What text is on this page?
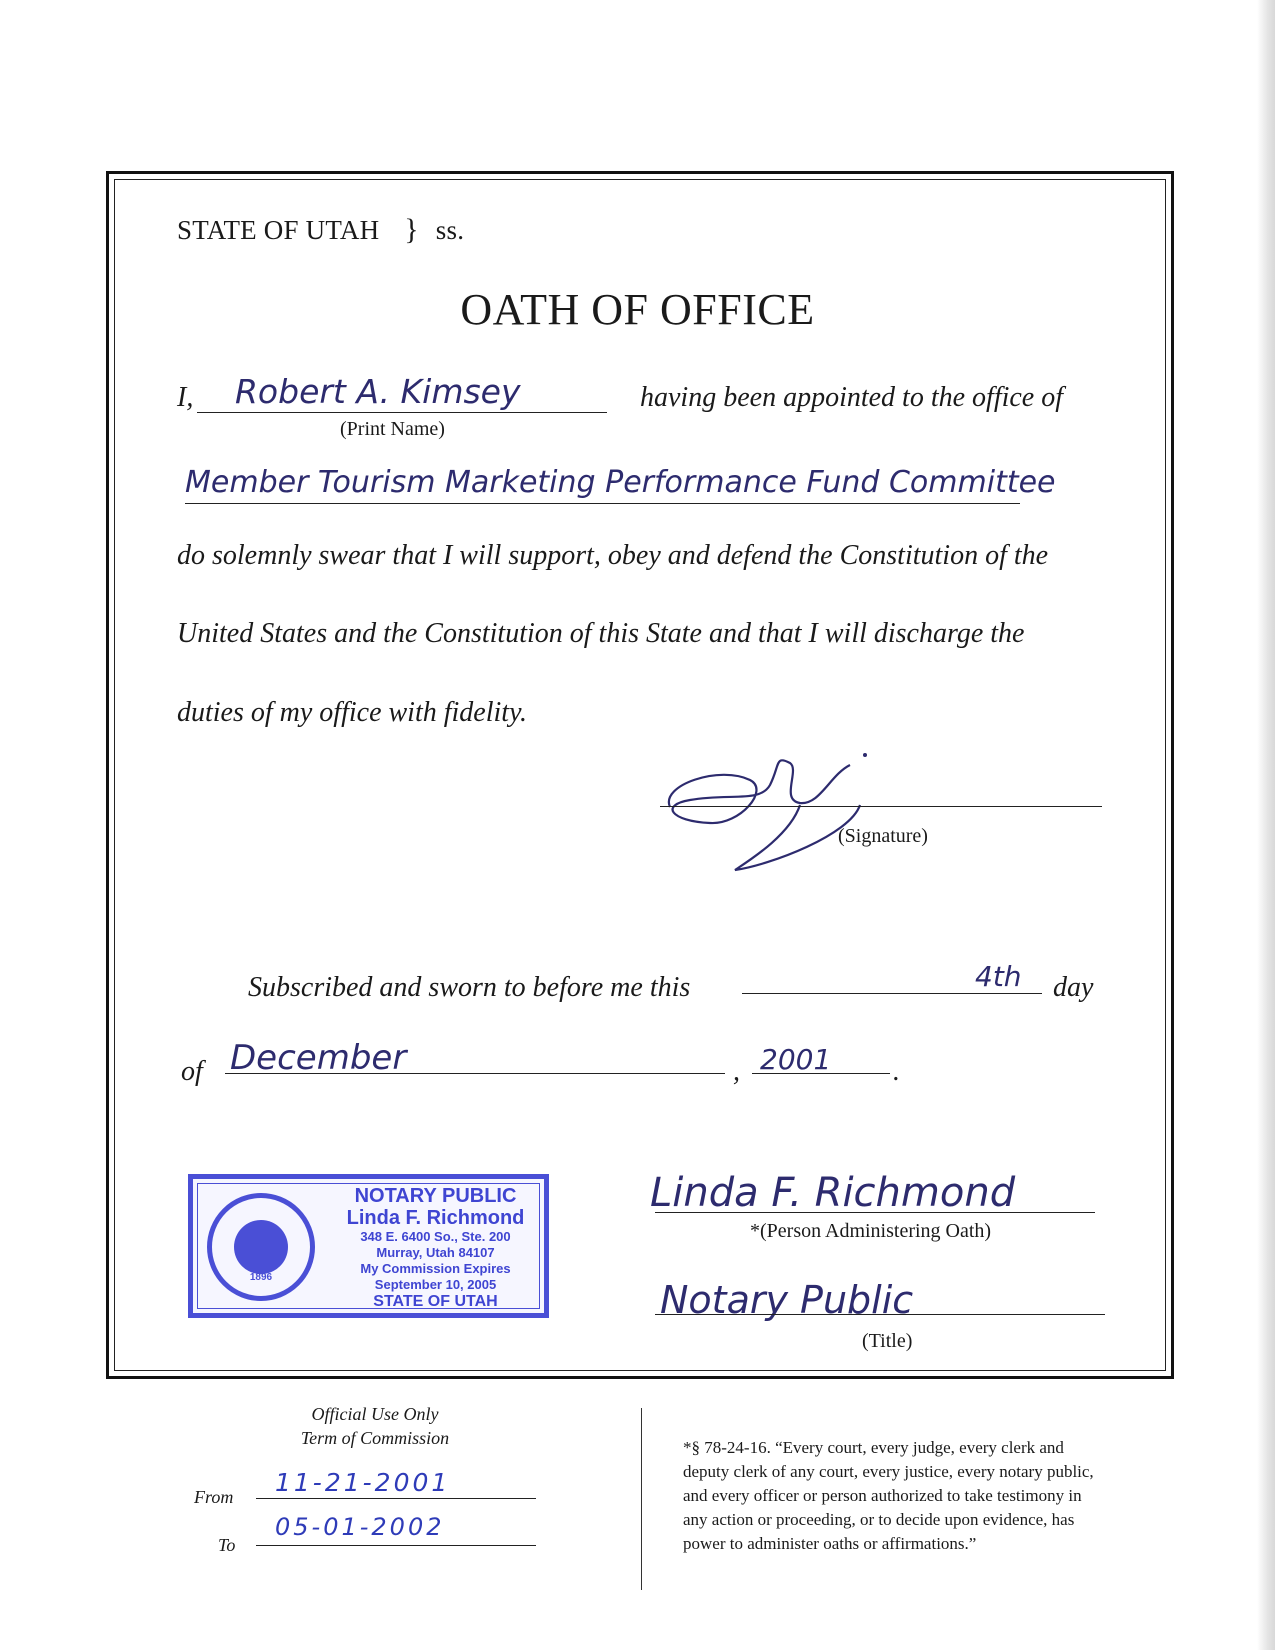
STATE OF UTAH } ss.
OATH OF OFFICE
I, Robert A. Kimsey
(Print Name)
having been appointed to the office of
Member Tourism Marketing Performance Fund Committee
do solemnly swear that I will support, obey and defend the Constitution of the
United States and the Constitution of this State and that I will discharge the
duties of my office with fidelity.
(Signature)
Subscribed and sworn to before me this	4th day
of December	, 2001 .
1896
NOTARY PUBLIC
Linda F. Richmond
348 E. 6400 So., Ste. 200
Murray, Utah 84107
My Commission Expires
September 10, 2005
STATE OF UTAH
Linda F. Richmond
*(Person Administering Oath)
Notary Public
(Title)
Official Use Only
Term of Commission
From 11-21-2001
To
05-01-2002
*§ 78-24-16. “Every court, every judge, every clerk and
deputy clerk of any court, every justice, every notary public,
and every officer or person authorized to take testimony in
any action or proceeding, or to decide upon evidence, has
power to administer oaths or affirmations.”
